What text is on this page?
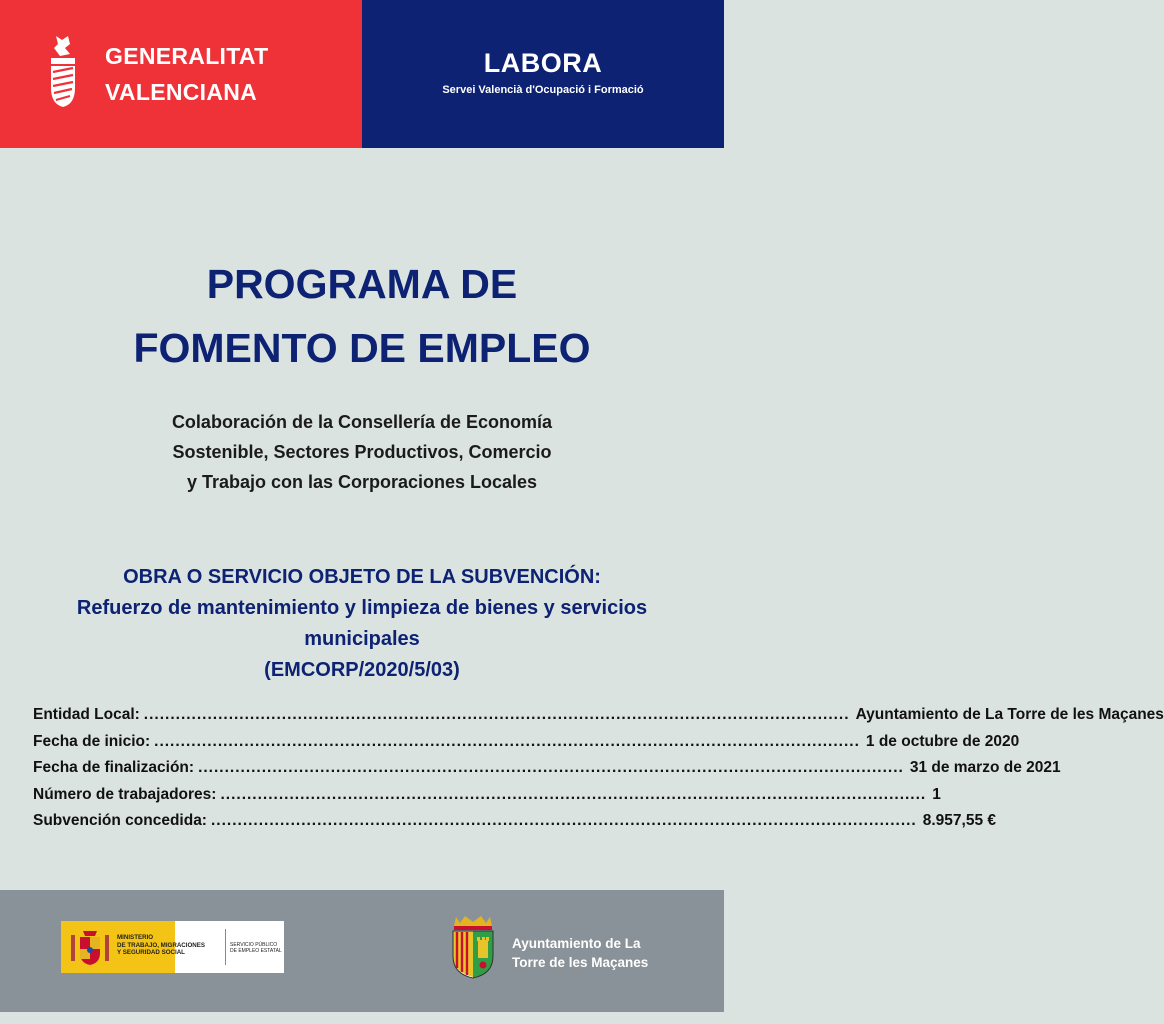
GENERALITAT
VALENCIANA
LABORA
Servei Valencià d'Ocupació i Formació
PROGRAMA DE
FOMENTO DE EMPLEO
Colaboración de la Consellería de Economía
Sostenible, Sectores Productivos, Comercio
y Trabajo con las Corporaciones Locales
OBRA O SERVICIO OBJETO DE LA SUBVENCIÓN:
Refuerzo de mantenimiento y limpieza de bienes y servicios
municipales
(EMCORP/2020/5/03)
Entidad Local: ..................................................................................................................................... Ayuntamiento de La Torre de les Maçanes
Fecha de inicio: ..................................................................................................................................... 1 de octubre de 2020
Fecha de finalización: ..................................................................................................................................... 31 de marzo de 2021
Número de trabajadores: ..................................................................................................................................... 1
Subvención concedida: ..................................................................................................................................... 8.957,55 €
MINISTERIO
DE TRABAJO, MIGRACIONES
Y SEGURIDAD SOCIAL
SERVICIO PÚBLICO
DE EMPLEO ESTATAL	Ayuntamiento de La
Torre de les Maçanes
